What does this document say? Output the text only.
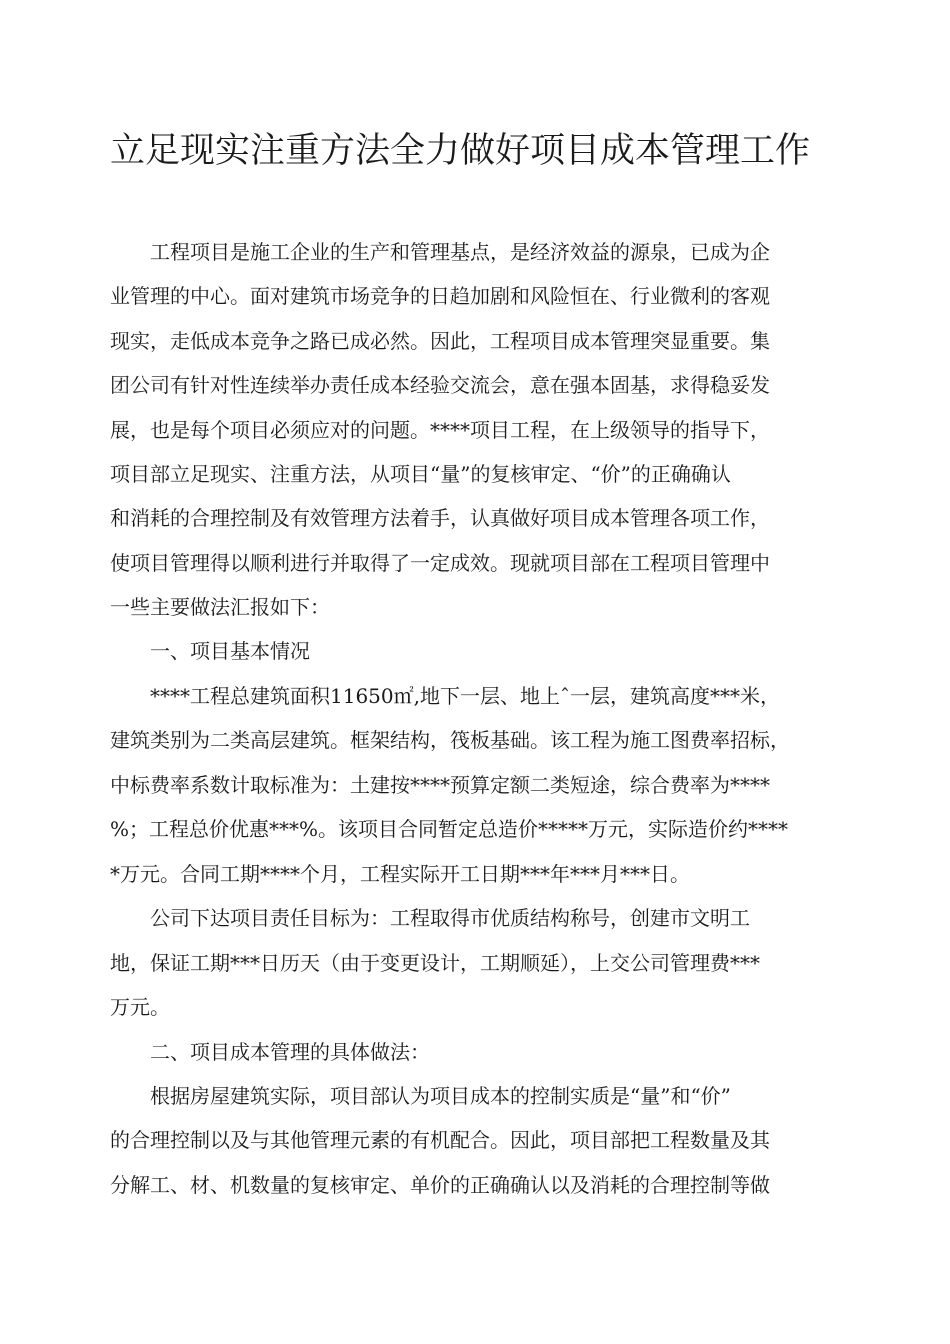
立足现实注重方法全力做好项目成本管理工作
　　工程项目是施工企业的生产和管理基点，是经济效益的源泉，已成为企
业管理的中心。面对建筑市场竞争的日趋加剧和风险恒在、行业微利的客观
现实，走低成本竞争之路已成必然。因此，工程项目成本管理突显重要。集
团公司有针对性连续举办责任成本经验交流会，意在强本固基，求得稳妥发
展，也是每个项目必须应对的问题。****项目工程，在上级领导的指导下，
项目部立足现实、注重方法，从项目“量”的复核审定、“价”的正确确认
和消耗的合理控制及有效管理方法着手，认真做好项目成本管理各项工作，
使项目管理得以顺利进行并取得了一定成效。现就项目部在工程项目管理中
一些主要做法汇报如下：
　　一、项目基本情况
　　****工程总建筑面积11650㎡,地下一层、地上ˆ一层，建筑高度***米，
建筑类别为二类高层建筑。框架结构，筏板基础。该工程为施工图费率招标，
中标费率系数计取标准为：土建按****预算定额二类短途，综合费率为****
%；工程总价优惠***%。该项目合同暂定总造价*****万元，实际造价约****
*万元。合同工期****个月，工程实际开工日期***年***月***日。
　　公司下达项目责任目标为：工程取得市优质结构称号，创建市文明工
地，保证工期***日历天（由于变更设计，工期顺延），上交公司管理费***
万元。
　　二、项目成本管理的具体做法：
　　根据房屋建筑实际，项目部认为项目成本的控制实质是“量”和“价”
的合理控制以及与其他管理元素的有机配合。因此，项目部把工程数量及其
分解工、材、机数量的复核审定、单价的正确确认以及消耗的合理控制等做
